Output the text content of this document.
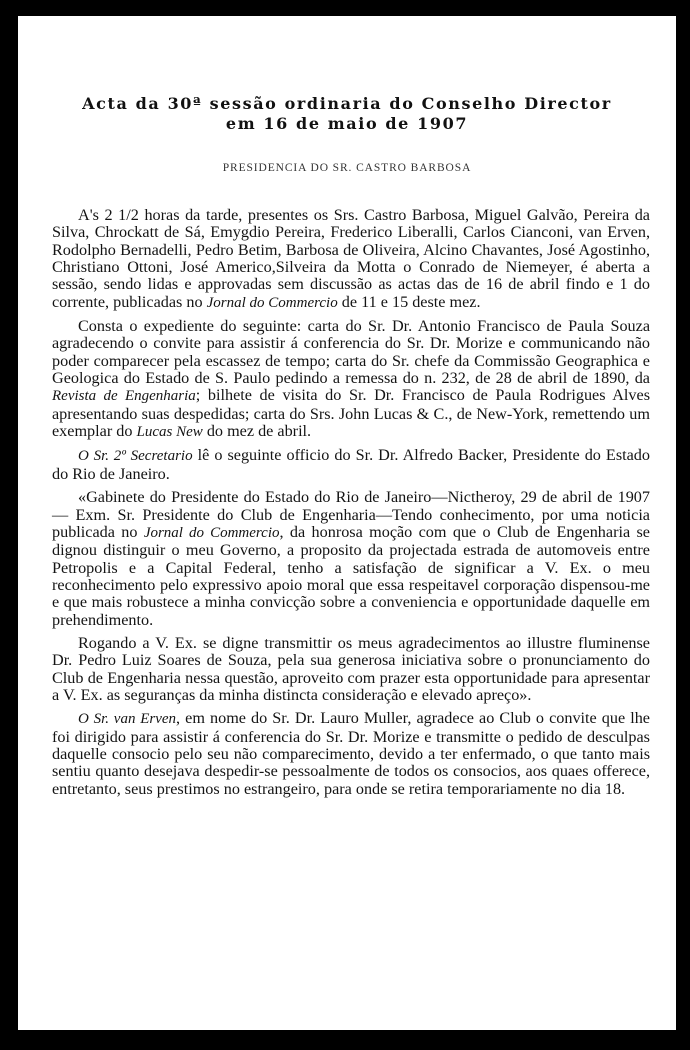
Acta da 30ª sessão ordinaria do Conselho Director
em 16 de maio de 1907

PRESIDENCIA DO SR. CASTRO BARBOSA

A's 2 1/2 horas da tarde, presentes os Srs. Castro Barbosa, Miguel Galvão, Pereira da Silva, Chrockatt de Sá, Emygdio Pereira, Frederico Liberalli, Carlos Cianconi, van Erven, Rodolpho Bernadelli, Pedro Betim, Barbosa de Oliveira, Alcino Chavantes, José Agostinho, Christiano Ottoni, José Americo,Silveira da Motta o Conrado de Niemeyer, é aberta a sessão, sendo lidas e approvadas sem discussão as actas das de 16 de abril findo e 1 do corrente, publicadas no Jornal do Commercio de 11 e 15 deste mez.

Consta o expediente do seguinte: carta do Sr. Dr. Antonio Francisco de Paula Souza agradecendo o convite para assistir á conferencia do Sr. Dr. Morize e communicando não poder comparecer pela escassez de tempo; carta do Sr. chefe da Commissão Geographica e Geologica do Estado de S. Paulo pedindo a remessa do n. 232, de 28 de abril de 1890, da Revista de Engenharia; bilhete de visita do Sr. Dr. Francisco de Paula Rodrigues Alves apresentando suas despedidas; carta do Srs. John Lucas & C., de New-York, remettendo um exemplar do Lucas New do mez de abril.

O Sr. 2º Secretario lê o seguinte officio do Sr. Dr. Alfredo Backer, Presidente do Estado do Rio de Janeiro.

«Gabinete do Presidente do Estado do Rio de Janeiro—Nictheroy, 29 de abril de 1907 — Exm. Sr. Presidente do Club de Engenharia—Tendo conhecimento, por uma noticia publicada no Jornal do Commercio, da honrosa moção com que o Club de Engenharia se dignou distinguir o meu Governo, a proposito da projectada estrada de automoveis entre Petropolis e a Capital Federal, tenho a satisfação de significar a V. Ex. o meu reconhecimento pelo expressivo apoio moral que essa respeitavel corporação dispensou-me e que mais robustece a minha convicção sobre a conveniencia e opportunidade daquelle em prehendimento.

Rogando a V. Ex. se digne transmittir os meus agradecimentos ao illustre fluminense Dr. Pedro Luiz Soares de Souza, pela sua generosa iniciativa sobre o pronunciamento do Club de Engenharia nessa questão, aproveito com prazer esta opportunidade para apresentar a V. Ex. as seguranças da minha distincta consideração e elevado apreço».

O Sr. van Erven, em nome do Sr. Dr. Lauro Muller, agradece ao Club o convite que lhe foi dirigido para assistir á conferencia do Sr. Dr. Morize e transmitte o pedido de desculpas daquelle consocio pelo seu não comparecimento, devido a ter enfermado, o que tanto mais sentiu quanto desejava despedir-se pessoalmente de todos os consocios, aos quaes offerece, entretanto, seus prestimos no estrangeiro, para onde se retira temporariamente no dia 18.
